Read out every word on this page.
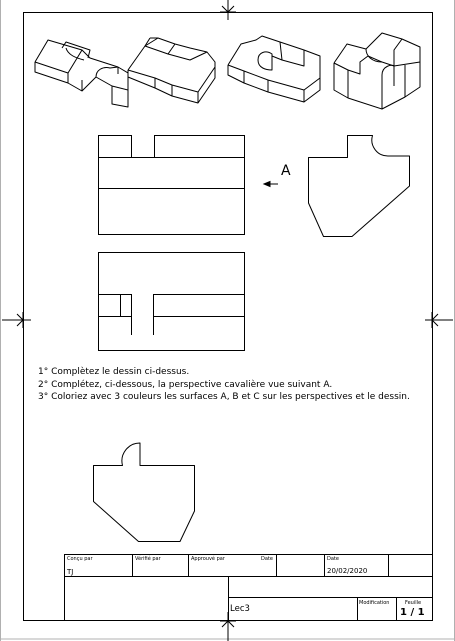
A
1° Complètez le dessin ci-dessus.
2° Complétez, ci-dessous, la perspective cavalière vue suivant A.
3° Coloriez avec 3 couleurs les surfaces A, B et C sur les perspectives et le dessin.
Conçu par
TJ
Vérifié par	Approuvé par	Date	Date
20/02/2020
Lec3
Modification	Feuille
1 / 1
